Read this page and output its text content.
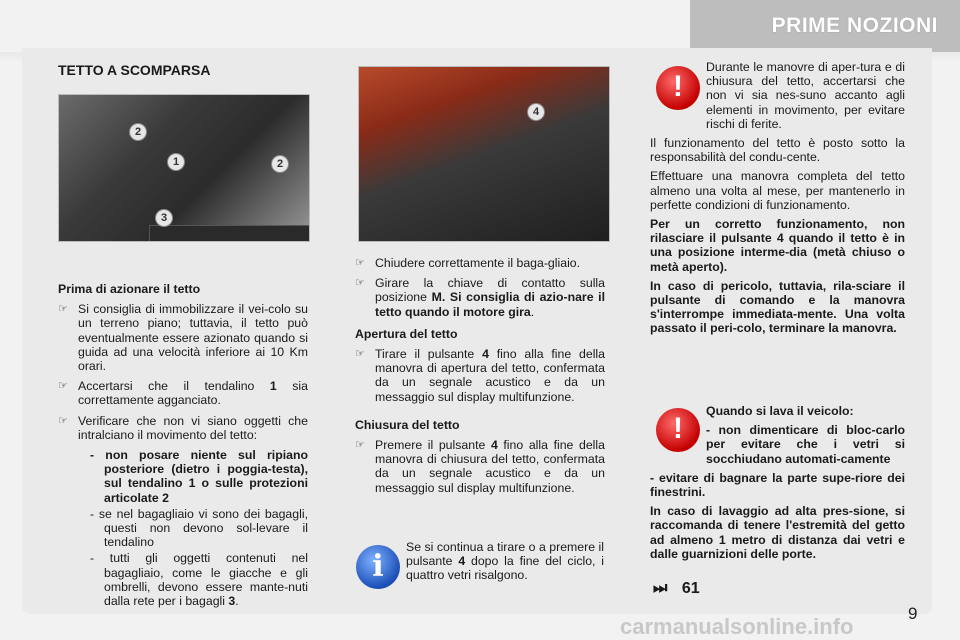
PRIME NOZIONI
TETTO A SCOMPARSA
2
1	2
3
4
Prima di azionare il tetto
☞ Si consiglia di immobilizzare il vei-colo su un terreno piano; tuttavia, il tetto può eventualmente essere azionato quando si guida ad una velocità inferiore ai 10 Km orari.
☞ Accertarsi che il tendalino 1 sia correttamente agganciato.
☞ Verificare che non vi siano oggetti che intralciano il movimento del tetto:
- non posare niente sul ripiano posteriore (dietro i poggia-testa), sul tendalino 1 o sulle protezioni articolate 2
- se nel bagagliaio vi sono dei bagagli, questi non devono sol-levare il tendalino
- tutti gli oggetti contenuti nel bagagliaio, come le giacche e gli ombrelli, devono essere mante-nuti dalla rete per i bagagli 3.
☞ Chiudere correttamente il baga-gliaio.
☞ Girare la chiave di contatto sulla posizione M. Si consiglia di azio-nare il tetto quando il motore gira.
Apertura del tetto
☞ Tirare il pulsante 4 fino alla fine della manovra di apertura del tetto, confermata da un segnale acustico e da un messaggio sul display multifunzione.
Chiusura del tetto
☞ Premere il pulsante 4 fino alla fine della manovra di chiusura del tetto, confermata da un segnale acustico e da un messaggio sul display multifunzione.
i
Se si continua a tirare o a premere il pulsante 4 dopo la fine del ciclo, i quattro vetri risalgono.
!

Durante le manovre di aper-tura e di chiusura del tetto, accertarsi che non vi sia nes-suno accanto agli elementi in movimento, per evitare rischi di ferite.

Il funzionamento del tetto è posto sotto la responsabilità del condu-cente.

Effettuare una manovra completa del tetto almeno una volta al mese, per mantenerlo in perfette condizioni di funzionamento.

Per un corretto funzionamento, non rilasciare il pulsante 4 quando il tetto è in una posizione interme-dia (metà chiuso o metà aperto).

In caso di pericolo, tuttavia, rila-sciare il pulsante di comando e la manovra s'interrompe immediata-mente. Una volta passato il peri-colo, terminare la manovra.

!

Quando si lava il veicolo:

- non dimenticare di bloc-carlo per evitare che i vetri si socchiudano automati-camente

- evitare di bagnare la parte supe-riore dei finestrini.

In caso di lavaggio ad alta pres-sione, si raccomanda di tenere l'estremità del getto ad almeno 1 metro di distanza dai vetri e dalle guarnizioni delle porte.

⏭ 61
carmanualsonline.info
9
